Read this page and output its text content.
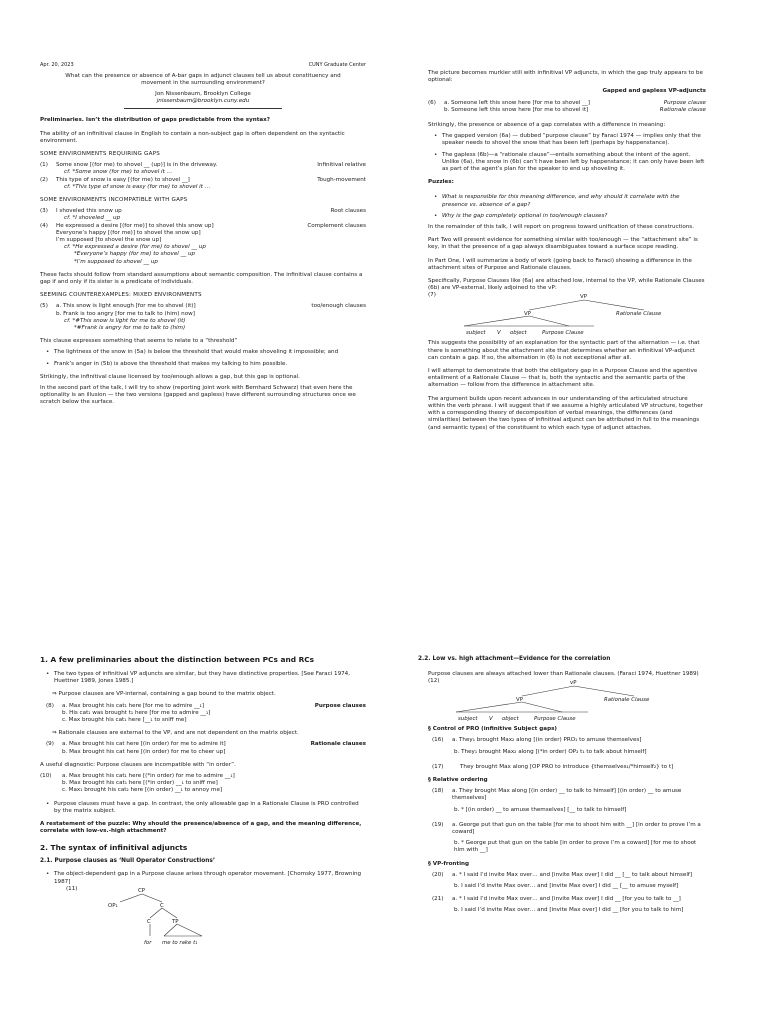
Apr. 20, 2023	CUNY Graduate Center
What can the presence or absence of A-bar gaps in adjunct clauses tell us about constituency and movement in the surrounding environment?
Jon Nissenbaum, Brooklyn College
jnissenbaum@brooklyn.cuny.edu
Preliminaries. Isn’t the distribution of gaps predictable from the syntax?
The ability of an infinitival clause in English to contain a non-subject gap is often dependent on the syntactic environment.
SOME ENVIRONMENTS REQUIRING GAPS
(1)	Some snow [(for me) to shovel __ (up)] is in the driveway.	Infinitival relative
cf. *Some snow (for me) to shovel it …
(2)	This type of snow is easy [(for me) to shovel __]	Tough-movement
cf. *This type of snow is easy (for me) to shovel it …
SOME ENVIRONMENTS INCOMPATIBLE WITH GAPS
(3)	I shoveled this snow up	Root clauses
cf. *I shoveled __ up
(4)	He expressed a desire [(for me)] to shovel this snow up]	Complement clauses
Everyone’s happy [(for me)] to shovel the snow up]
I’m supposed [to shovel the snow up]
cf. *He expressed a desire (for me) to shovel __ up
*Everyone’s happy (for me) to shovel __ up
*I’m supposed to shovel __ up
These facts should follow from standard assumptions about semantic composition. The infinitival clause contains a gap if and only if its sister is a predicate of individuals.
SEEMING COUNTEREXAMPLES: MIXED ENVIRONMENTS
(5)	a. This snow is light enough [for me to shovel (it)]	too/enough clauses
b. Frank is too angry [for me to talk to (him) now]
cf. *#This snow is light for me to shovel (it)
*#Frank is angry for me to talk to (him)
This clause expresses something that seems to relate to a “threshold”
• The lightness of the snow in (5a) is below the threshold that would make shoveling it impossible; and
• Frank’s anger in (5b) is above the threshold that makes my talking to him possible.
Strikingly, the infinitival clause licensed by too/enough allows a gap, but this gap is optional.
In the second part of the talk, I will try to show (reporting joint work with Bernhard Schwarz) that even here the optionality is an illusion — the two versions (gapped and gapless) have different surrounding structures once we scratch below the surface.
The picture becomes murkier still with infinitival VP adjuncts, in which the gap truly appears to be optional:
Gapped and gapless VP-adjuncts
(6)	a. Someone left this snow here [for me to shovel __]	Purpose clause
b. Someone left this snow here [for me to shovel it]	Rationale clause
Strikingly, the presence or absence of a gap correlates with a difference in meaning:
• The gapped version (6a) — dubbed “purpose clause” by Faraci 1974 — implies only that the speaker needs to shovel the snow that has been left (perhaps by happenstance).
• The gapless (6b)—a “rationale clause”—entails something about the intent of the agent. Unlike (6a), the snow in (6b) can’t have been left by happenstance; it can only have been left as part of the agent’s plan for the speaker to end up shoveling it.
Puzzles:
• What is responsible for this meaning difference, and why should it correlate with the presence vs. absence of a gap?
• Why is the gap completely optional in too/enough clauses?
In the remainder of this talk, I will report on progress toward unification of these constructions.
Part Two will present evidence for something similar with too/enough — the “attachment site” is key, in that the presence of a gap always disambiguates toward a surface scope reading.
In Part One, I will summarize a body of work (going back to Faraci) showing a difference in the attachment sites of Purpose and Rationale clauses.
Specifically, Purpose Clauses like (6a) are attached low, internal to the VP, while Rationale Clauses (6b) are VP-external, likely adjoined to the vP:
(7)	VP
VP	Rationale Clause
subject V object	Purpose Clause
This suggests the possibility of an explanation for the syntactic part of the alternation — i.e. that there is something about the attachment site that determines whether an infinitival VP-adjunct can contain a gap. If so, the alternation in (6) is not exceptional after all.
I will attempt to demonstrate that both the obligatory gap in a Purpose Clause and the agentive entailment of a Rationale Clause — that is, both the syntactic and the semantic parts of the alternation — follow from the difference in attachment site.
The argument builds upon recent advances in our understanding of the articulated structure within the verb phrase. I will suggest that if we assume a highly articulated VP structure, together with a corresponding theory of decomposition of verbal meanings, the differences (and similarities) between the two types of infinitival adjunct can be attributed in full to the meanings (and semantic types) of the constituent to which each type of adjunct attaches.
1. A few preliminaries about the distinction between PCs and RCs
• The two types of infinitival VP adjuncts are similar, but they have distinctive properties. [See Faraci 1974, Huettner 1989, Jones 1985.]
⇒ Purpose clauses are VP-internal, containing a gap bound to the matrix object.
(8)	a. Max brought his cat₁ here [for me to admire __₁]	Purpose clauses
b. His cat₁ was brought t₁ here [for me to admire __₁]
c. Max brought his cat₁ here [__₁ to sniff me]
⇒ Rationale clauses are external to the VP, and are not dependent on the matrix object.
(9)	a. Max brought his cat here [(in order) for me to admire it]	Rationale clauses
b. Max brought his cat here [(in order) for me to cheer up]
A useful diagnostic: Purpose clauses are incompatible with “in order”.
(10)	a. Max brought his cat₁ here [(*in order) for me to admire __₁]
b. Max brought his cat₁ here [(*in order) __₁ to sniff me]
c. Max₁ brought his cat₂ here [(in order) __₁ to annoy me]
• Purpose clauses must have a gap. In contrast, the only allowable gap in a Rationale Clause is PRO controlled by the matrix subject.
A restatement of the puzzle: Why should the presence/absence of a gap, and the meaning difference, correlate with low-vs.-high attachment?
2. The syntax of infinitival adjuncts
2.1. Purpose clauses as ‘Null Operator Constructions’
• The object-dependent gap in a Purpose clause arises through operator movement. [Chomsky 1977, Browning 1987]
(11)	CP
OP₁	C
C	TP
for me to rake t₁
2.2. Low vs. high attachment—Evidence for the correlation
Purpose clauses are always attached lower than Rationale clauses. (Faraci 1974, Huettner 1989)
(12)	vP
VP	Rationale Clause
subject V object	Purpose Clause
§ Control of PRO (infinitive Subject gaps)
(16)	a. They₁ brought Max₂ along [(in order) PRO₁ to amuse themselves]
b. They₁ brought Max₂ along [(*in order) OP₂ t₁ to talk about himself]
(17)	They brought Max along [OP PRO to introduce {themselves₁/*himself₂} to t]
§ Relative ordering
(18)	a. They brought Max along [(in order) __ to talk to himself] [(in order) __ to amuse themselves]
b. * [(in order) __ to amuse themselves] [__ to talk to himself]
(19)	a. George put that gun on the table [for me to shoot him with __] [in order to prove I’m a coward]
b. * George put that gun on the table [in order to prove I’m a coward] [for me to shoot him with __]
§ VP-fronting
(20)	a. * I said I’d invite Max over… and [invite Max over] I did __ [__ to talk about himself]
b. I said I’d invite Max over… and [invite Max over] I did __ [__ to amuse myself]
(21)	a. * I said I’d invite Max over… and [invite Max over] I did __ [for you to talk to __]
b. I said I’d invite Max over… and [invite Max over] I did __ [for you to talk to him]
